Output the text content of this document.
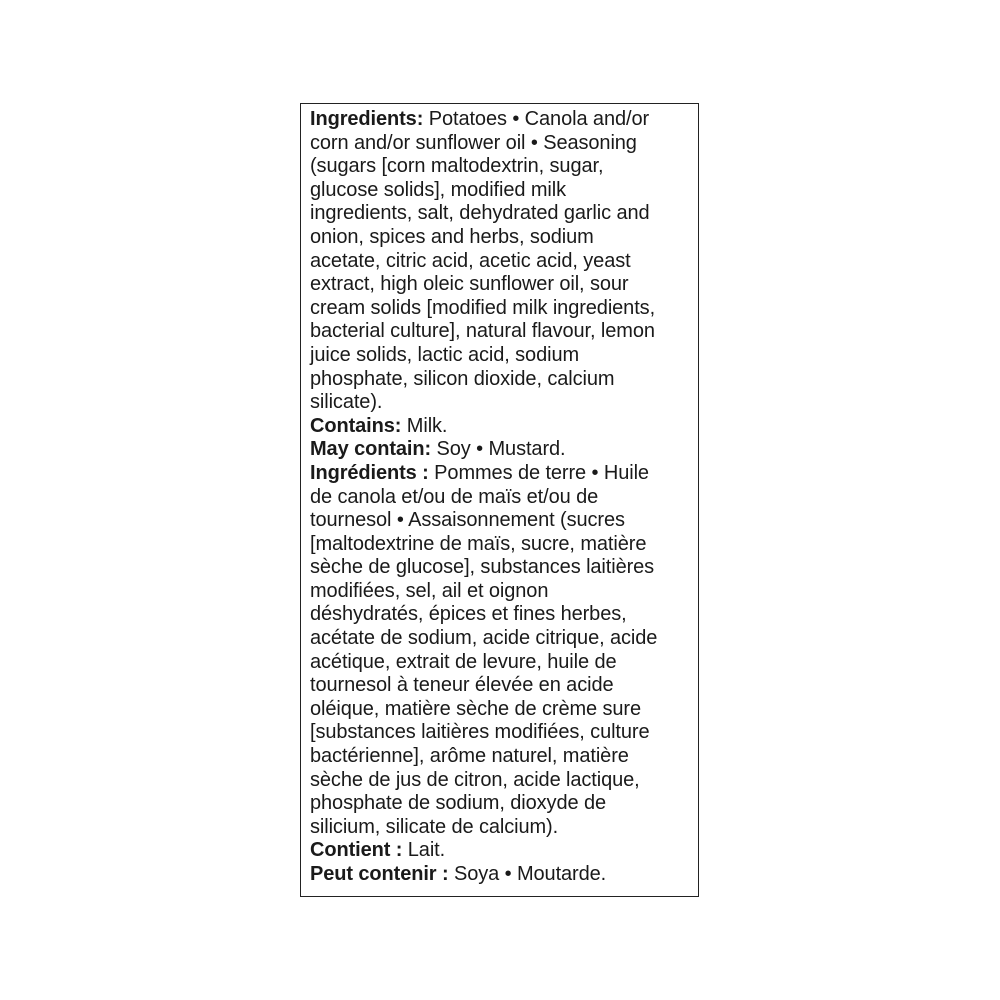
Ingredients: Potatoes • Canola and/or
corn and/or sunflower oil • Seasoning
(sugars [corn maltodextrin, sugar,
glucose solids], modified milk
ingredients, salt, dehydrated garlic and
onion, spices and herbs, sodium
acetate, citric acid, acetic acid, yeast
extract, high oleic sunflower oil, sour
cream solids [modified milk ingredients,
bacterial culture], natural flavour, lemon
juice solids, lactic acid, sodium
phosphate, silicon dioxide, calcium
silicate).
Contains: Milk.
May contain: Soy • Mustard.
Ingrédients : Pommes de terre • Huile
de canola et/ou de maïs et/ou de
tournesol • Assaisonnement (sucres
[maltodextrine de maïs, sucre, matière
sèche de glucose], substances laitières
modifiées, sel, ail et oignon
déshydratés, épices et fines herbes,
acétate de sodium, acide citrique, acide
acétique, extrait de levure, huile de
tournesol à teneur élevée en acide
oléique, matière sèche de crème sure
[substances laitières modifiées, culture
bactérienne], arôme naturel, matière
sèche de jus de citron, acide lactique,
phosphate de sodium, dioxyde de
silicium, silicate de calcium).
Contient : Lait.
Peut contenir : Soya • Moutarde.
